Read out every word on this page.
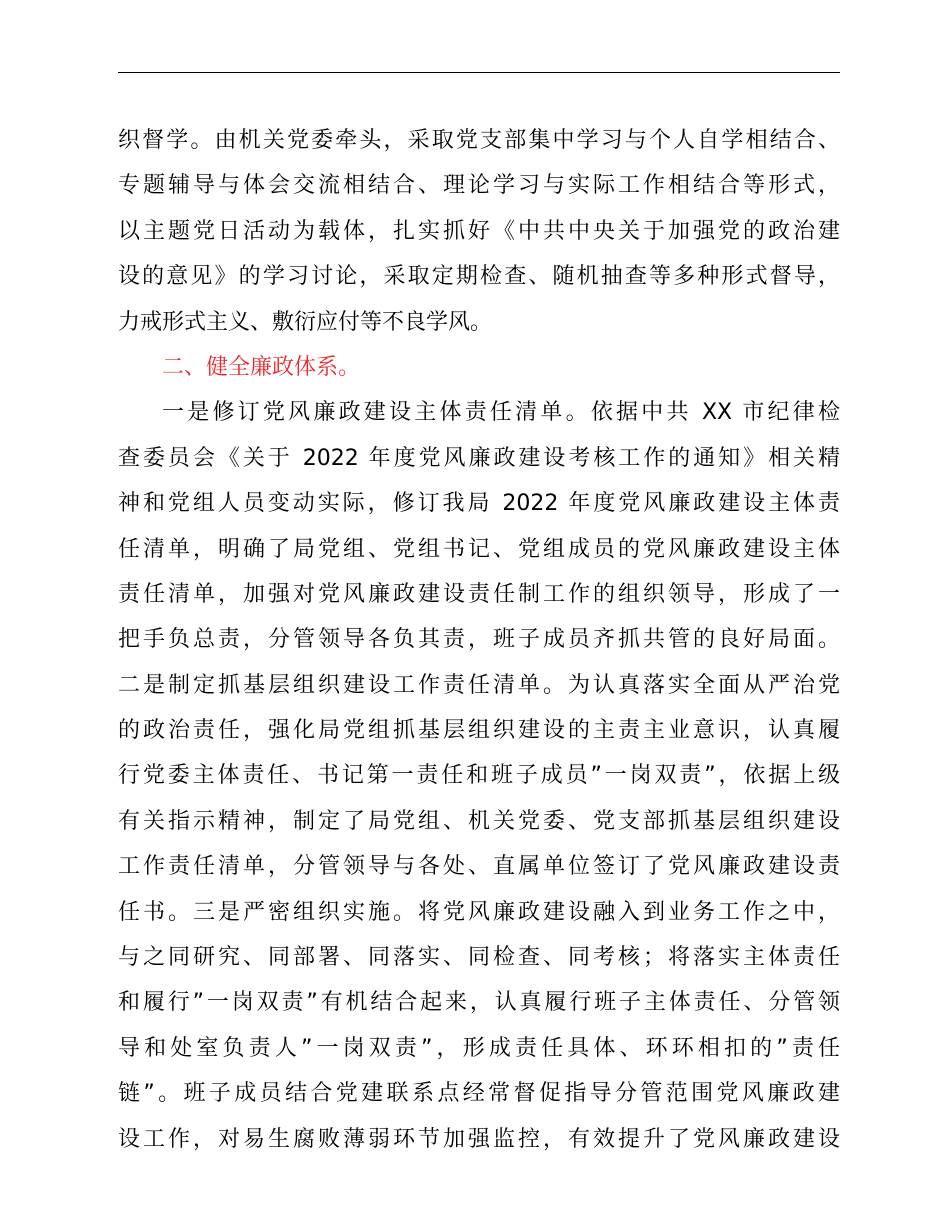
织督学。由机关党委牵头，采取党支部集中学习与个人自学相结合、
专题辅导与体会交流相结合、理论学习与实际工作相结合等形式，
以主题党日活动为载体，扎实抓好《中共中央关于加强党的政治建
设的意见》的学习讨论，采取定期检查、随机抽查等多种形式督导，
力戒形式主义、敷衍应付等不良学风。
二、健全廉政体系。
一是修订党风廉政建设主体责任清单。依据中共 XX 市纪律检
查委员会《关于 2022 年度党风廉政建设考核工作的通知》相关精
神和党组人员变动实际，修订我局 2022 年度党风廉政建设主体责
任清单，明确了局党组、党组书记、党组成员的党风廉政建设主体
责任清单，加强对党风廉政建设责任制工作的组织领导，形成了一
把手负总责，分管领导各负其责，班子成员齐抓共管的良好局面。
二是制定抓基层组织建设工作责任清单。为认真落实全面从严治党
的政治责任，强化局党组抓基层组织建设的主责主业意识，认真履
行党委主体责任、书记第一责任和班子成员”一岗双责”，依据上级
有关指示精神，制定了局党组、机关党委、党支部抓基层组织建设
工作责任清单，分管领导与各处、直属单位签订了党风廉政建设责
任书。三是严密组织实施。将党风廉政建设融入到业务工作之中，
与之同研究、同部署、同落实、同检查、同考核；将落实主体责任
和履行”一岗双责”有机结合起来，认真履行班子主体责任、分管领
导和处室负责人”一岗双责”，形成责任具体、环环相扣的”责任
链”。班子成员结合党建联系点经常督促指导分管范围党风廉政建
设工作，对易生腐败薄弱环节加强监控，有效提升了党风廉政建设
